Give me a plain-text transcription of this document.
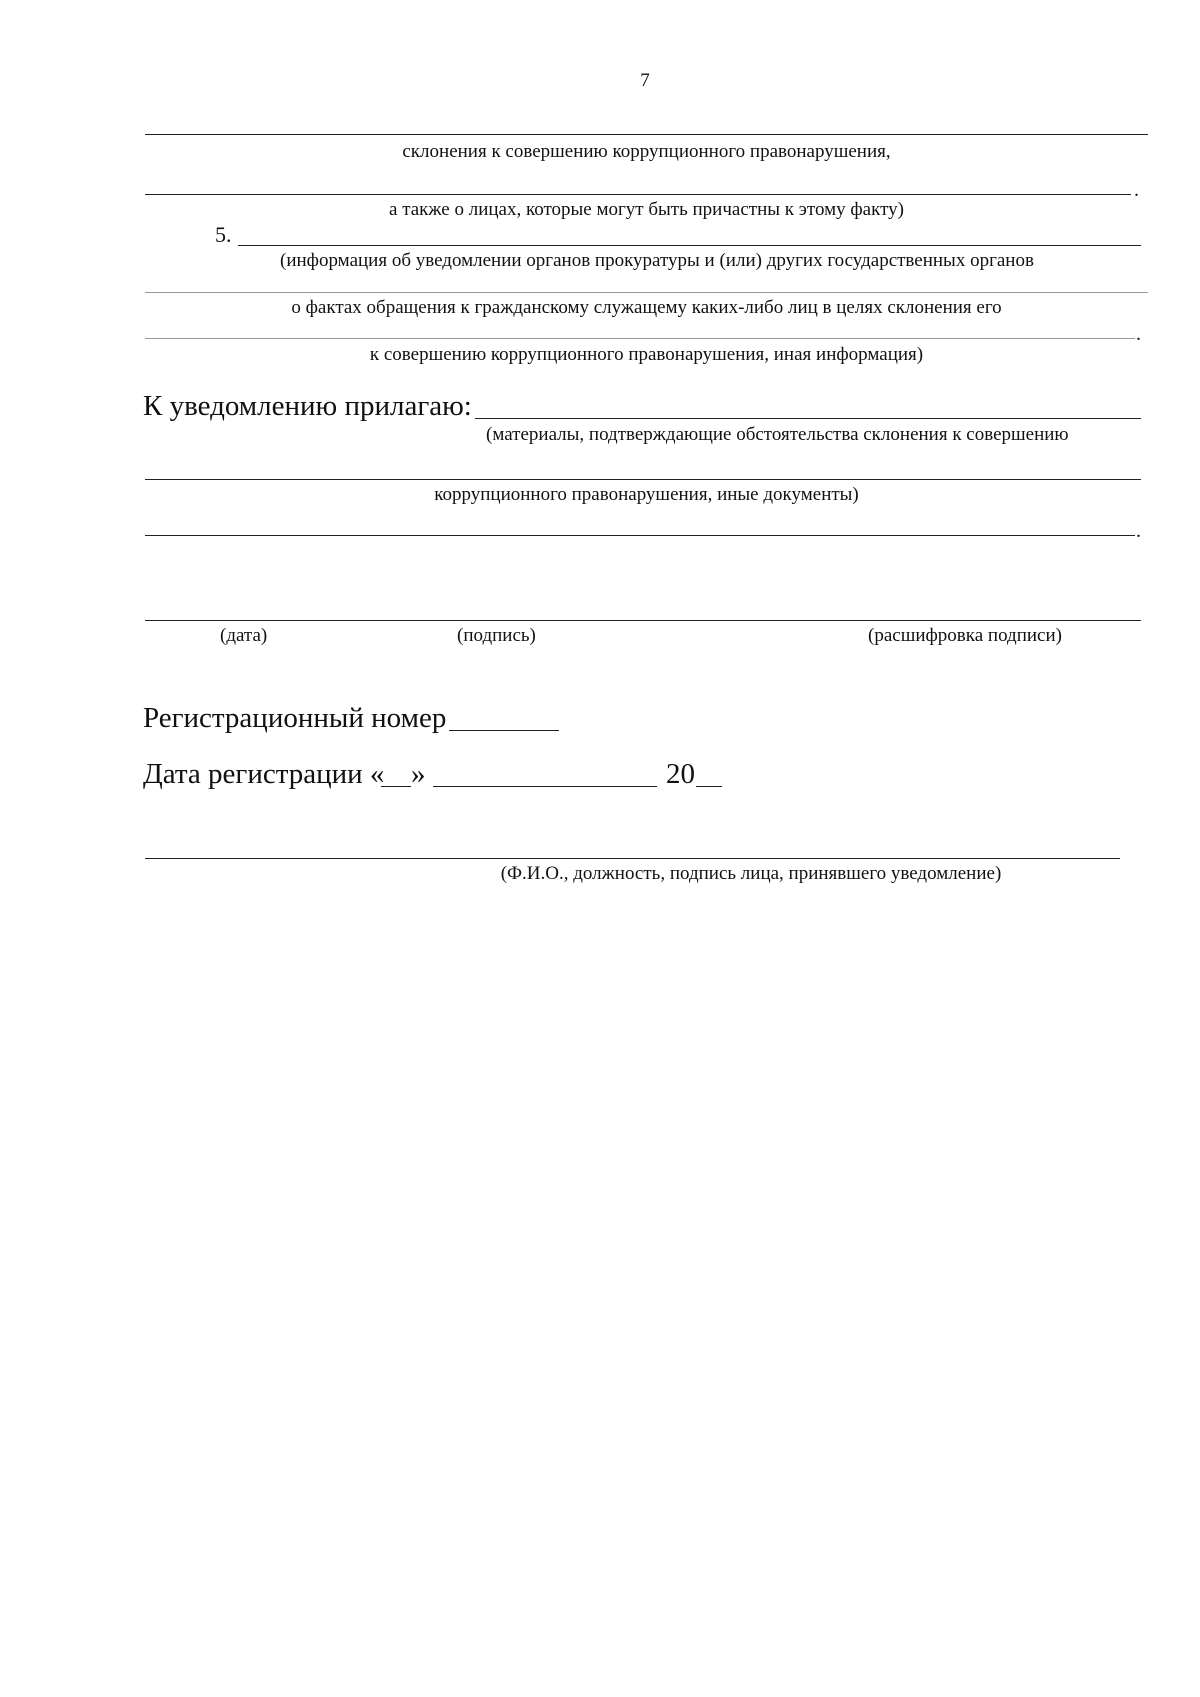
7
склонения к совершению коррупционного правонарушения,
.
а также о лицах, которые могут быть причастны к этому факту)
5.
(информация об уведомлении органов прокуратуры и (или) других государственных органов
о фактах обращения к гражданскому служащему каких-либо лиц в целях склонения его
.
к совершению коррупционного правонарушения, иная информация)
К уведомлению прилагаю:
(материалы, подтверждающие обстоятельства склонения к совершению
коррупционного правонарушения, иные документы)
.
(дата)	(подпись)	(расшифровка подписи)
Регистрационный номер
Дата регистрации « »	20
(Ф.И.О., должность, подпись лица, принявшего уведомление)
